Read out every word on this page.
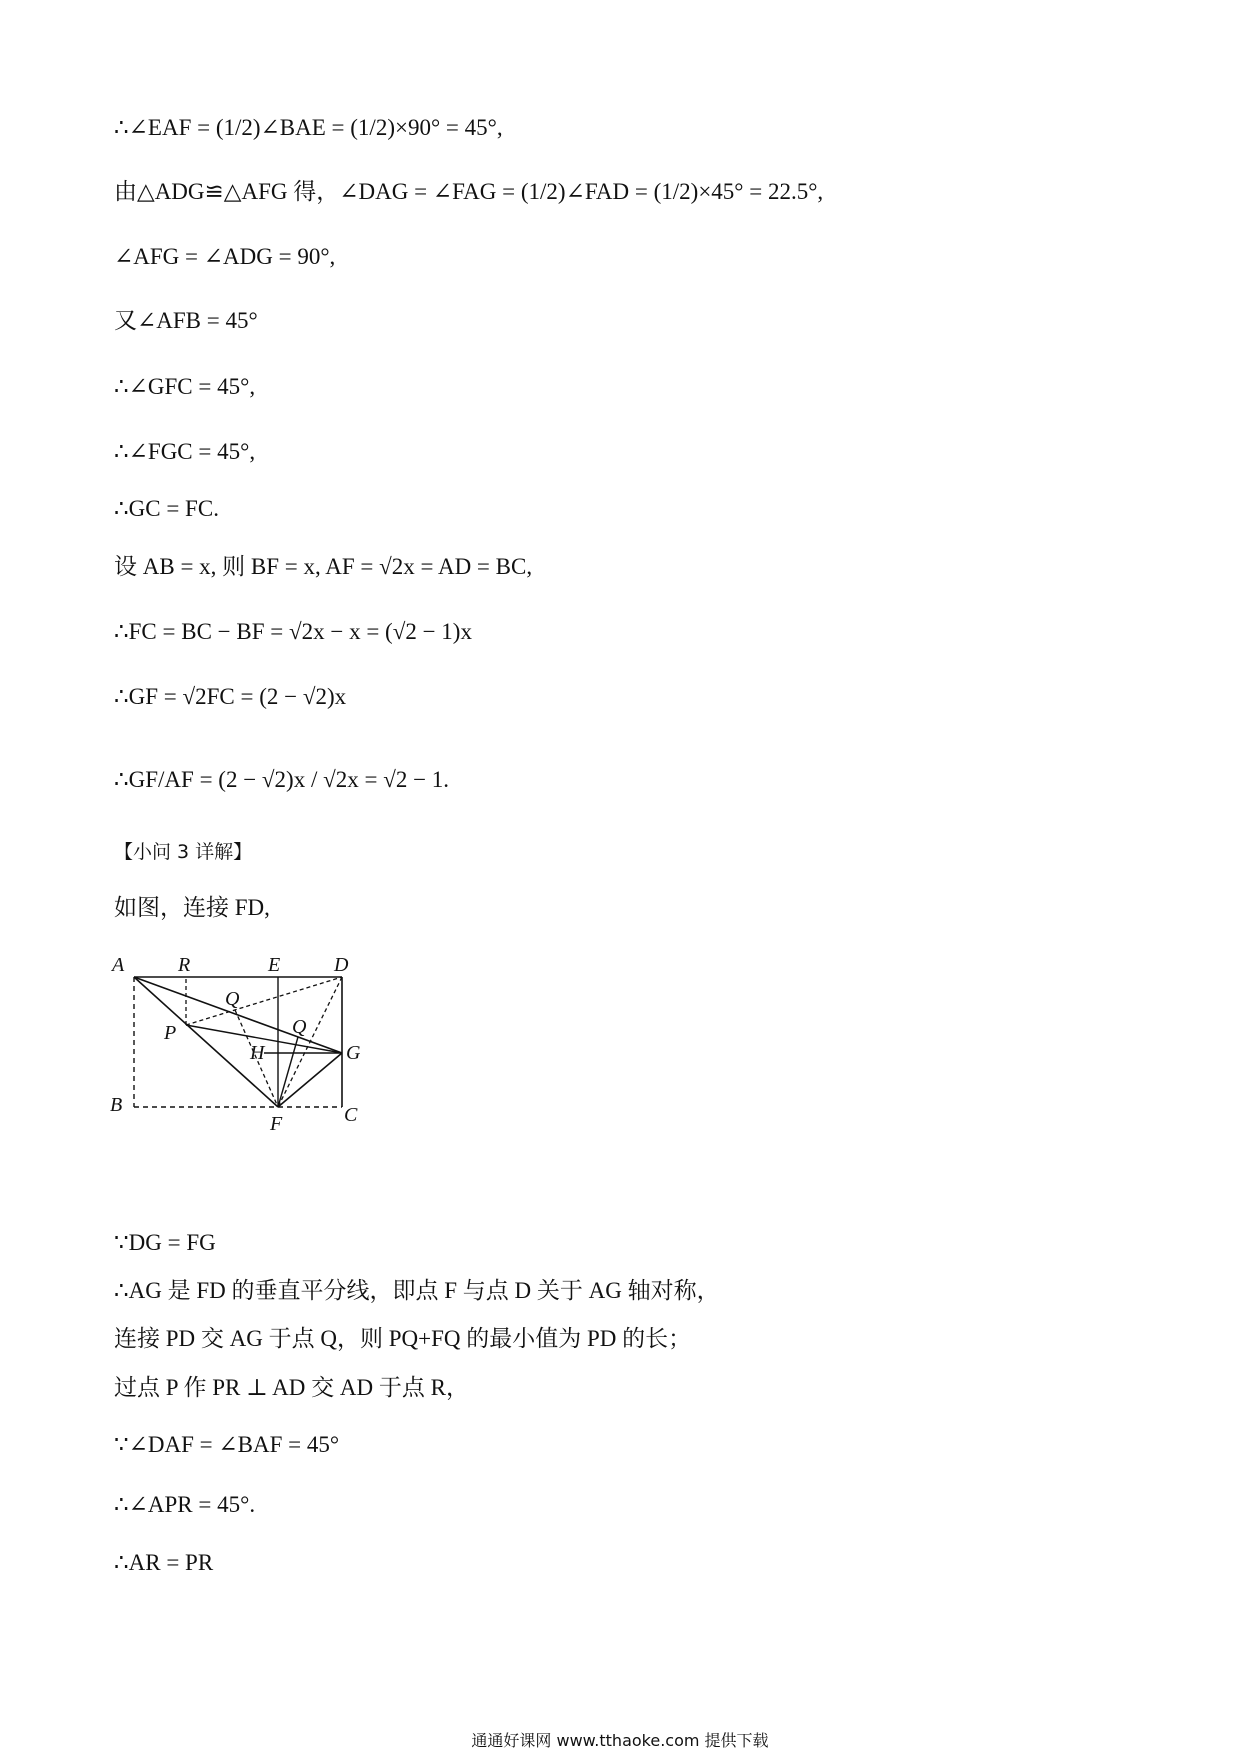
∴∠EAF = (1/2)∠BAE = (1/2)×90° = 45°,
由△ADG≌△AFG 得，∠DAG = ∠FAG = (1/2)∠FAD = (1/2)×45° = 22.5°,
∠AFG = ∠ADG = 90°,
又∠AFB = 45°
∴∠GFC = 45°,
∴∠FGC = 45°,
∴GC = FC.
设 AB = x, 则 BF = x, AF = √2x = AD = BC,
∴FC = BC − BF = √2x − x = (√2 − 1)x
∴GF = √2FC = (2 − √2)x
∴GF/AF = (2 − √2)x / √2x = √2 − 1.
【小问 3 详解】
如图，连接 FD,
A	R	E	D
Q
Q
P
H	G
B
F	C
∵DG = FG
∴AG 是 FD 的垂直平分线，即点 F 与点 D 关于 AG 轴对称，
连接 PD 交 AG 于点 Q，则 PQ+FQ 的最小值为 PD 的长；
过点 P 作 PR ⊥ AD 交 AD 于点 R，
∵∠DAF = ∠BAF = 45°
∴∠APR = 45°.
∴AR = PR
通通好课网 www.tthaoke.com 提供下载
